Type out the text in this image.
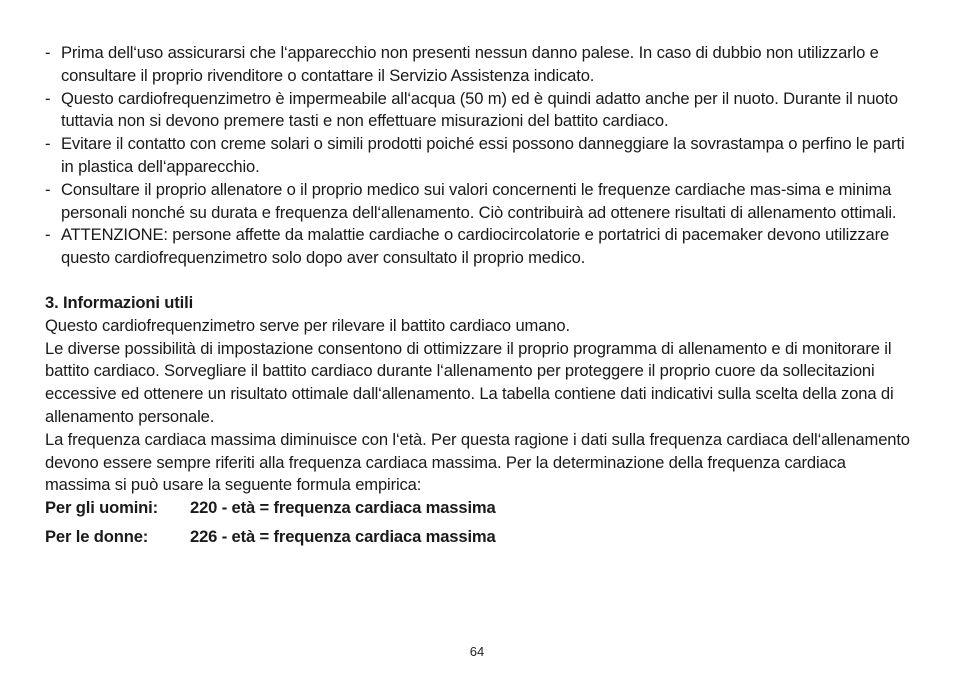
- Prima dell‘uso assicurarsi che l‘apparecchio non presenti nessun danno palese. In caso di dubbio non utilizzarlo e consultare il proprio rivenditore o contattare il Servizio Assistenza indicato.
- Questo cardiofrequenzimetro è impermeabile all‘acqua (50 m) ed è quindi adatto anche per il nuoto. Durante il nuoto tuttavia non si devono premere tasti e non effettuare misurazioni del battito cardiaco.
- Evitare il contatto con creme solari o simili prodotti poiché essi possono danneggiare la sovrastampa o perfino le parti in plastica dell‘apparecchio.
- Consultare il proprio allenatore o il proprio medico sui valori concernenti le frequenze cardiache mas-sima e minima personali nonché su durata e frequenza dell‘allenamento. Ciò contribuirà ad ottenere risultati di allenamento ottimali.
- ATTENZIONE: persone affette da malattie cardiache o cardiocircolatorie e portatrici di pacemaker devono utilizzare questo cardiofrequenzimetro solo dopo aver consultato il proprio medico.
3. Informazioni utili

Questo cardiofrequenzimetro serve per rilevare il battito cardiaco umano.

Le diverse possibilità di impostazione consentono di ottimizzare il proprio programma di allenamento e di monitorare il battito cardiaco. Sorvegliare il battito cardiaco durante l‘allenamento per proteggere il proprio cuore da sollecitazioni eccessive ed ottenere un risultato ottimale dall‘allenamento. La tabella contiene dati indicativi sulla scelta della zona di allenamento personale.

La frequenza cardiaca massima diminuisce con l‘età. Per questa ragione i dati sulla frequenza cardiaca dell‘allenamento devono essere sempre riferiti alla frequenza cardiaca massima. Per la determinazione della frequenza cardiaca massima si può usare la seguente formula empirica:

Per gli uomini:	220 - età = frequenza cardiaca massima
Per le donne:	226 - età = frequenza cardiaca massima
64
